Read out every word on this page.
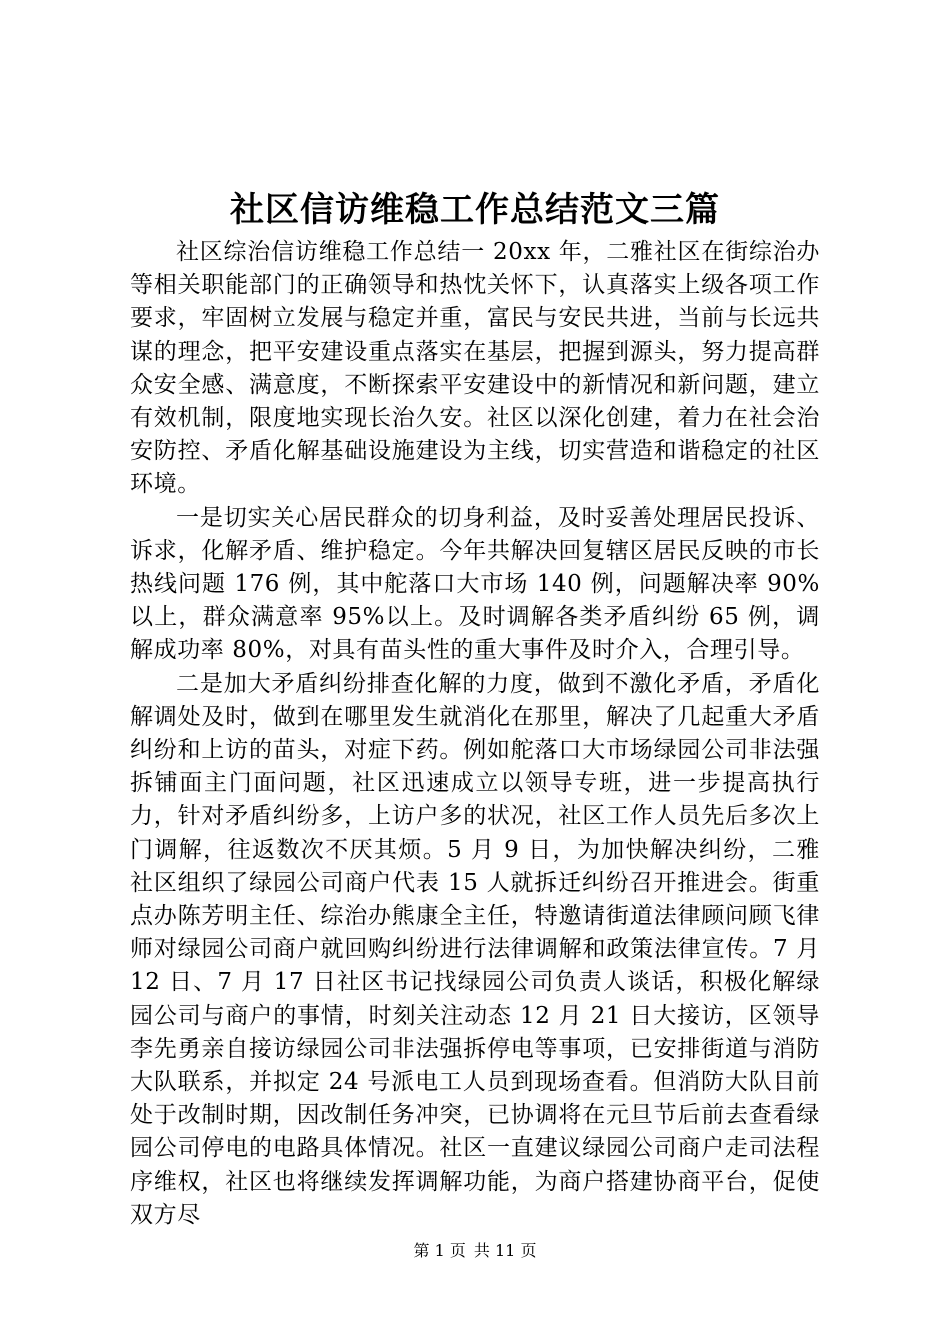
社区信访维稳工作总结范文三篇

社区综治信访维稳工作总结一 20xx 年，二雅社区在街综治办等相关职能部门的正确领导和热忱关怀下，认真落实上级各项工作要求，牢固树立发展与稳定并重，富民与安民共进，当前与长远共谋的理念，把平安建设重点落实在基层，把握到源头，努力提高群众安全感、满意度，不断探索平安建设中的新情况和新问题，建立有效机制，限度地实现长治久安。社区以深化创建，着力在社会治安防控、矛盾化解基础设施建设为主线，切实营造和谐稳定的社区环境。

一是切实关心居民群众的切身利益，及时妥善处理居民投诉、诉求，化解矛盾、维护稳定。今年共解决回复辖区居民反映的市长热线问题 176 例，其中舵落口大市场 140 例，问题解决率 90%以上，群众满意率 95%以上。及时调解各类矛盾纠纷 65 例，调解成功率 80%，对具有苗头性的重大事件及时介入，合理引导。

二是加大矛盾纠纷排查化解的力度，做到不激化矛盾，矛盾化解调处及时，做到在哪里发生就消化在那里，解决了几起重大矛盾纠纷和上访的苗头，对症下药。例如舵落口大市场绿园公司非法强拆铺面主门面问题，社区迅速成立以领导专班，进一步提高执行力，针对矛盾纠纷多，上访户多的状况，社区工作人员先后多次上门调解，往返数次不厌其烦。5 月 9 日，为加快解决纠纷，二雅社区组织了绿园公司商户代表 15 人就拆迁纠纷召开推进会。街重点办陈芳明主任、综治办熊康全主任，特邀请街道法律顾问顾飞律师对绿园公司商户就回购纠纷进行法律调解和政策法律宣传。7 月 12 日、7 月 17 日社区书记找绿园公司负责人谈话，积极化解绿园公司与商户的事情，时刻关注动态 12 月 21 日大接访，区领导李先勇亲自接访绿园公司非法强拆停电等事项，已安排街道与消防大队联系，并拟定 24 号派电工人员到现场查看。但消防大队目前处于改制时期，因改制任务冲突，已协调将在元旦节后前去查看绿园公司停电的电路具体情况。社区一直建议绿园公司商户走司法程序维权，社区也将继续发挥调解功能，为商户搭建协商平台，促使双方尽

第 1 页 共 11 页
